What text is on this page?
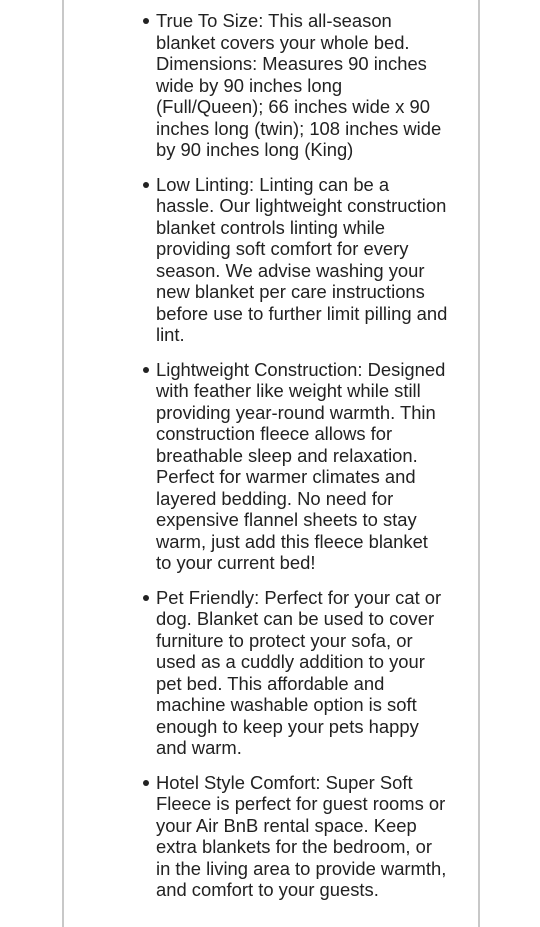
True To Size: This all-season blanket covers your whole bed. Dimensions: Measures 90 inches wide by 90 inches long (Full/Queen); 66 inches wide x 90 inches long (twin); 108 inches wide by 90 inches long (King)
Low Linting: Linting can be a hassle. Our lightweight construction blanket controls linting while providing soft comfort for every season. We advise washing your new blanket per care instructions before use to further limit pilling and lint.
Lightweight Construction: Designed with feather like weight while still providing year-round warmth. Thin construction fleece allows for breathable sleep and relaxation. Perfect for warmer climates and layered bedding. No need for expensive flannel sheets to stay warm, just add this fleece blanket to your current bed!
Pet Friendly: Perfect for your cat or dog. Blanket can be used to cover furniture to protect your sofa, or used as a cuddly addition to your pet bed. This affordable and machine washable option is soft enough to keep your pets happy and warm.
Hotel Style Comfort: Super Soft Fleece is perfect for guest rooms or your Air BnB rental space. Keep extra blankets for the bedroom, or in the living area to provide warmth, and comfort to your guests.
